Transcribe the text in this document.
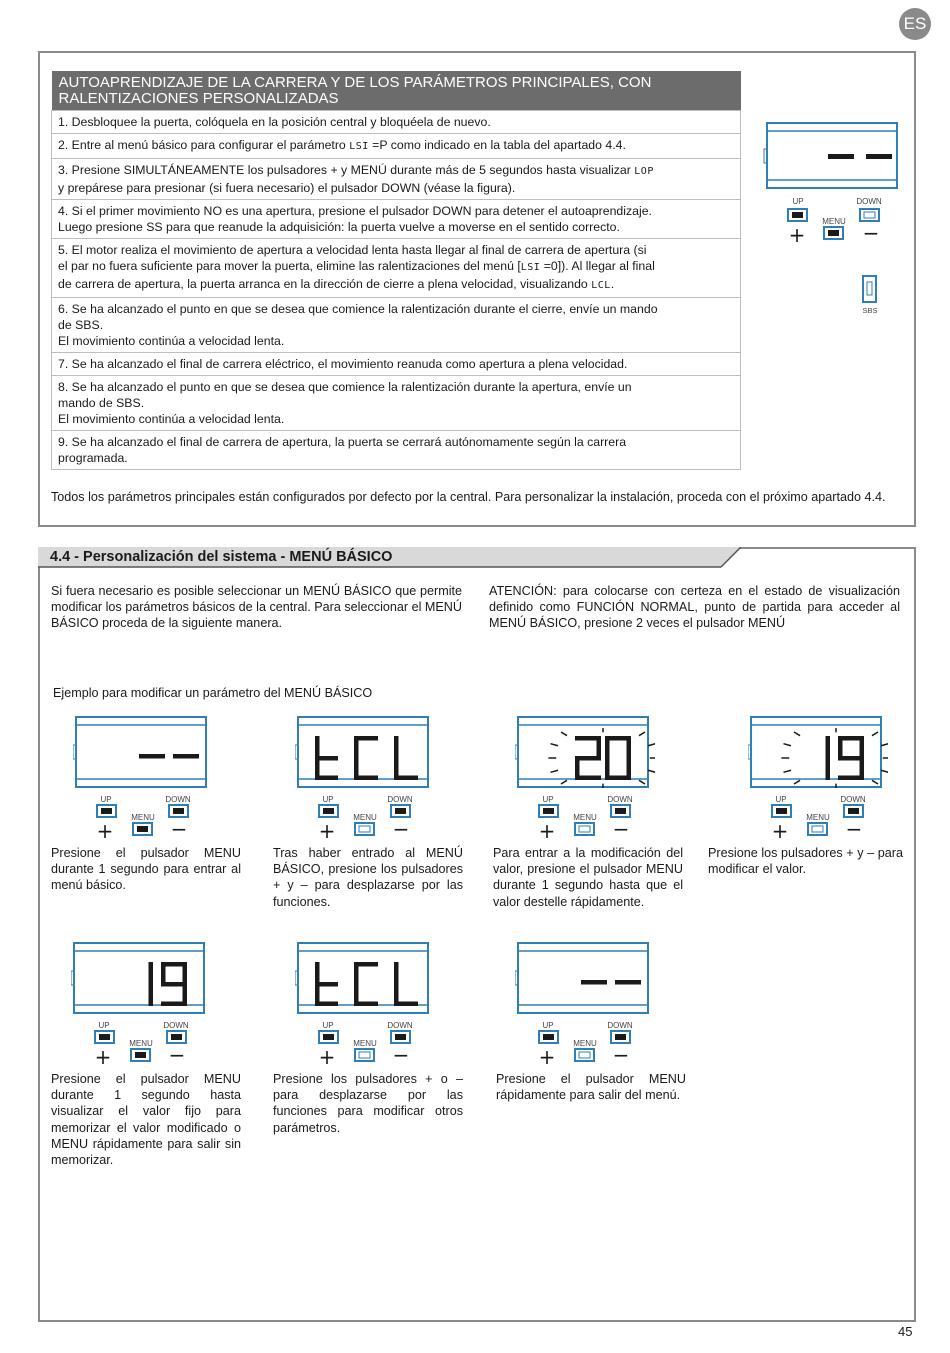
ES
AUTOAPRENDIZAJE DE LA CARRERA Y DE LOS PARÁMETROS PRINCIPALES, CON RALENTIZACIONES PERSONALIZADAS

1. Desbloquee la puerta, colóquela en la posición central y bloquéela de nuevo.

2. Entre al menú básico para configurar el parámetro LSI =P como indicado en la tabla del apartado 4.4.

3. Presione SIMULTÁNEAMENTE los pulsadores + y MENÚ durante más de 5 segundos hasta visualizar LOP
y prepárese para presionar (si fuera necesario) el pulsador DOWN (véase la figura).

4. Si el primer movimiento NO es una apertura, presione el pulsador DOWN para detener el autoaprendizaje.
Luego presione SS para que reanude la adquisición: la puerta vuelve a moverse en el sentido correcto.

5. El motor realiza el movimiento de apertura a velocidad lenta hasta llegar al final de carrera de apertura (si
el par no fuera suficiente para mover la puerta, elimine las ralentizaciones del menú [LSI =0]). Al llegar al final
de carrera de apertura, la puerta arranca en la dirección de cierre a plena velocidad, visualizando LCL.

6. Se ha alcanzado el punto en que se desea que comience la ralentización durante el cierre, envíe un mando
de SBS.
El movimiento continúa a velocidad lenta.

7. Se ha alcanzado el final de carrera eléctrico, el movimiento reanuda como apertura a plena velocidad.

8. Se ha alcanzado el punto en que se desea que comience la ralentización durante la apertura, envíe un
mando de SBS.
El movimiento continúa a velocidad lenta.

9. Se ha alcanzado el final de carrera de apertura, la puerta se cerrará autónomamente según la carrera
programada.
Todos los parámetros principales están configurados por defecto por la central. Para personalizar la instalación, proceda con el próximo apartado 4.4.
UP	DOWN
MENU
+	−
SBS
4.4 - Personalización del sistema - MENÚ BÁSICO
Si fuera necesario es posible seleccionar un MENÚ BÁSICO que permite modificar los parámetros básicos de la central. Para seleccionar el MENÚ BÁSICO proceda de la siguiente manera.
ATENCIÓN: para colocarse con certeza en el estado de visualización definido como FUNCIÓN NORMAL, punto de partida para acceder al MENÚ BÁSICO, presione 2 veces el pulsador MENÚ
Ejemplo para modificar un parámetro del MENÚ BÁSICO
UP	DOWN
MENU
+	−
Presione el pulsador MENU durante 1 segundo para entrar al menú básico.
UP	DOWN
MENU
+	−
Tras haber entrado al MENÚ BÁSICO, presione los pulsadores + y – para desplazarse por las funciones.
UP	DOWN
MENU
+	−
Para entrar a la modificación del valor, presione el pulsador MENU durante 1 segundo hasta que el valor destelle rápidamente.
UP	DOWN
MENU
+	−
Presione los pulsadores + y – para modificar el valor.
UP	DOWN
MENU
+	−
Presione el pulsador MENU durante 1 segundo hasta visualizar el valor fijo para memorizar el valor modificado o MENU rápidamente para salir sin memorizar.
UP	DOWN
MENU
+	−
Presione los pulsadores + o – para desplazarse por las funciones para modificar otros parámetros.
UP	DOWN
MENU
+	−
Presione el pulsador MENU rápidamente para salir del menú.
45
